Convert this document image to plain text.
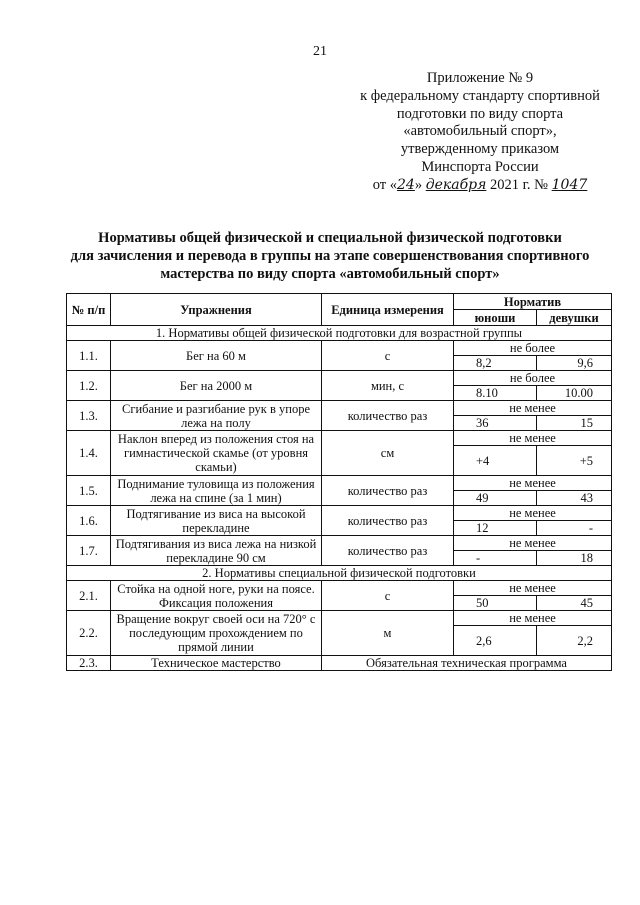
21
Приложение № 9
к федеральному стандарту спортивной
подготовки по виду спорта
«автомобильный спорт»,
утвержденному приказом
Минспорта России
от «24» декабря 2021 г. № 1047
Нормативы общей физической и специальной физической подготовки
для зачисления и перевода в группы на этапе совершенствования спортивного
мастерства по виду спорта «автомобильный спорт»
№ п/п	Упражнения	Единица измерения	Норматив	
			юноши	девушки
1. Нормативы общей физической подготовки для возрастной группы				
1.1.	Бег на 60 м	с	не более	
			8,2	9,6
1.2.	Бег на 2000 м	мин, с	не более	
			8.10	10.00
1.3.	Сгибание и разгибание рук в упоре лежа на полу	количество раз	не менее	
			36	15
1.4.	Наклон вперед из положения стоя на гимнастической скамье (от уровня скамьи)	см	не менее	
			+4	+5
1.5.	Поднимание туловища из положения лежа на спине (за 1 мин)	количество раз	не менее	
			49	43
1.6.	Подтягивание из виса на высокой перекладине	количество раз	не менее	
			12	-
1.7.	Подтягивания из виса лежа на низкой перекладине 90 см	количество раз	не менее	
			-	18
2. Нормативы специальной физической подготовки				
2.1.	Стойка на одной ноге, руки на поясе. Фиксация положения	с	не менее	
			50	45
2.2.	Вращение вокруг своей оси на 720° с последующим прохождением по прямой линии	м	не менее	
			2,6	2,2
2.3.	Техническое мастерство	Обязательная техническая программа		
